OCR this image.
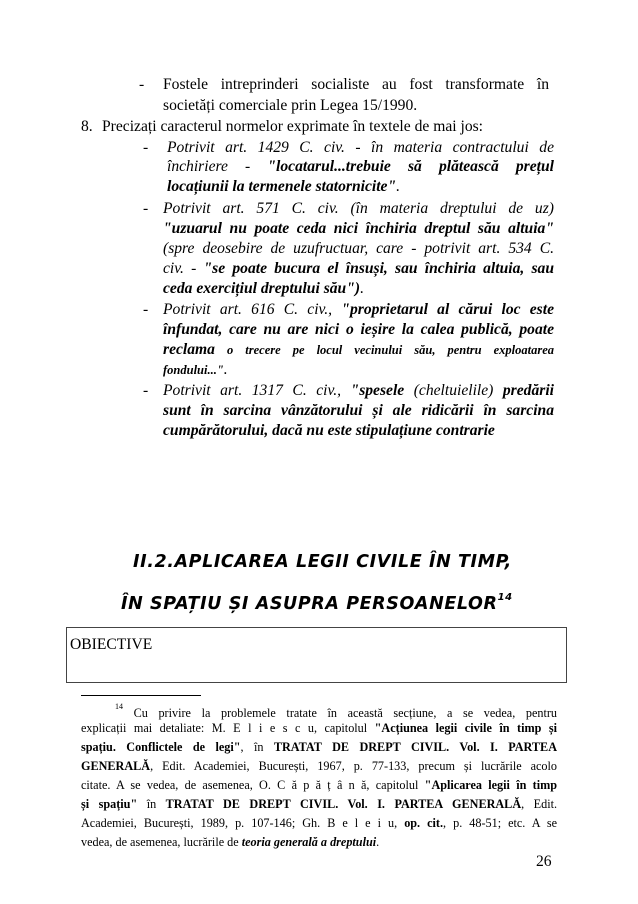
- Fostele intreprinderi socialiste au fost transformate în
societăți comerciale prin Legea 15/1990.
8. Precizați caracterul normelor exprimate în textele de mai jos:
- Potrivit art. 1429 C. civ. - în materia contractului de
închiriere - "locatarul...trebuie să plătească prețul
locațiunii la termenele statornicite".
- Potrivit art. 571 C. civ. (în materia dreptului de uz)
"uzuarul nu poate ceda nici închiria dreptul său altuia"
(spre deosebire de uzufructuar, care - potrivit art. 534 C.
civ. - "se poate bucura el însuși, sau închiria altuia, sau
ceda exercițiul dreptului său").
- Potrivit art. 616 C. civ., "proprietarul al cărui loc este
înfundat, care nu are nici o ieșire la calea publică, poate
reclama o trecere pe locul vecinului său, pentru exploatarea
fondului...".
- Potrivit art. 1317 C. civ., "spesele (cheltuielile) predării
sunt în sarcina vânzătorului și ale ridicării în sarcina
cumpărătorului, dacă nu este stipulațiune contrarie
II.2.APLICAREA LEGII CIVILE ÎN TIMP,
ÎN SPAȚIU ȘI ASUPRA PERSOANELOR$^{14}$
OBIECTIVE
$^{14}$ Cu privire la problemele tratate în această secțiune, a se vedea, pentru
explicații mai detaliate: M. E l i e s c u, capitolul "Acțiunea legii civile în timp și
spațiu. Conflictele de legi", în TRATAT DE DREPT CIVIL. Vol. I. PARTEA
GENERALĂ, Edit. Academiei, București, 1967, p. 77-133, precum și lucrările acolo
citate. A se vedea, de asemenea, O. C ă p ă ț â n ă, capitolul "Aplicarea legii în timp
și spațiu" în TRATAT DE DREPT CIVIL. Vol. I. PARTEA GENERALĂ, Edit.
Academiei, București, 1989, p. 107-146; Gh. B e l e i u, op. cit., p. 48-51; etc. A se
vedea, de asemenea, lucrările de teoria generală a dreptului.
26
